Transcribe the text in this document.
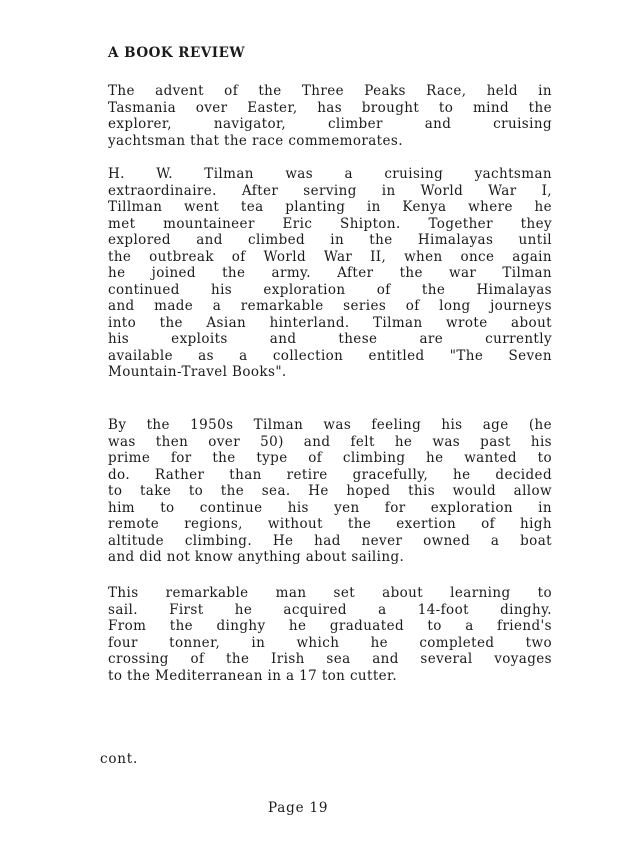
A BOOK REVIEW
The advent of the Three Peaks Race, held in
Tasmania over Easter, has brought to mind the
explorer, navigator, climber and cruising
yachtsman that the race commemorates.
H. W. Tilman was a cruising yachtsman
extraordinaire. After serving in World War I,
Tillman went tea planting in Kenya where he
met mountaineer Eric Shipton. Together they
explored and climbed in the Himalayas until
the outbreak of World War II, when once again
he joined the army. After the war Tilman
continued his exploration of the Himalayas
and made a remarkable series of long journeys
into the Asian hinterland. Tilman wrote about
his exploits and these are currently
available as a collection entitled "The Seven
Mountain-Travel Books".
By the 1950s Tilman was feeling his age (he
was then over 50) and felt he was past his
prime for the type of climbing he wanted to
do. Rather than retire gracefully, he decided
to take to the sea. He hoped this would allow
him to continue his yen for exploration in
remote regions, without the exertion of high
altitude climbing. He had never owned a boat
and did not know anything about sailing.
This remarkable man set about learning to
sail. First he acquired a 14-foot dinghy.
From the dinghy he graduated to a friend's
four tonner, in which he completed two
crossing of the Irish sea and several voyages
to the Mediterranean in a 17 ton cutter.
cont.
Page 19
